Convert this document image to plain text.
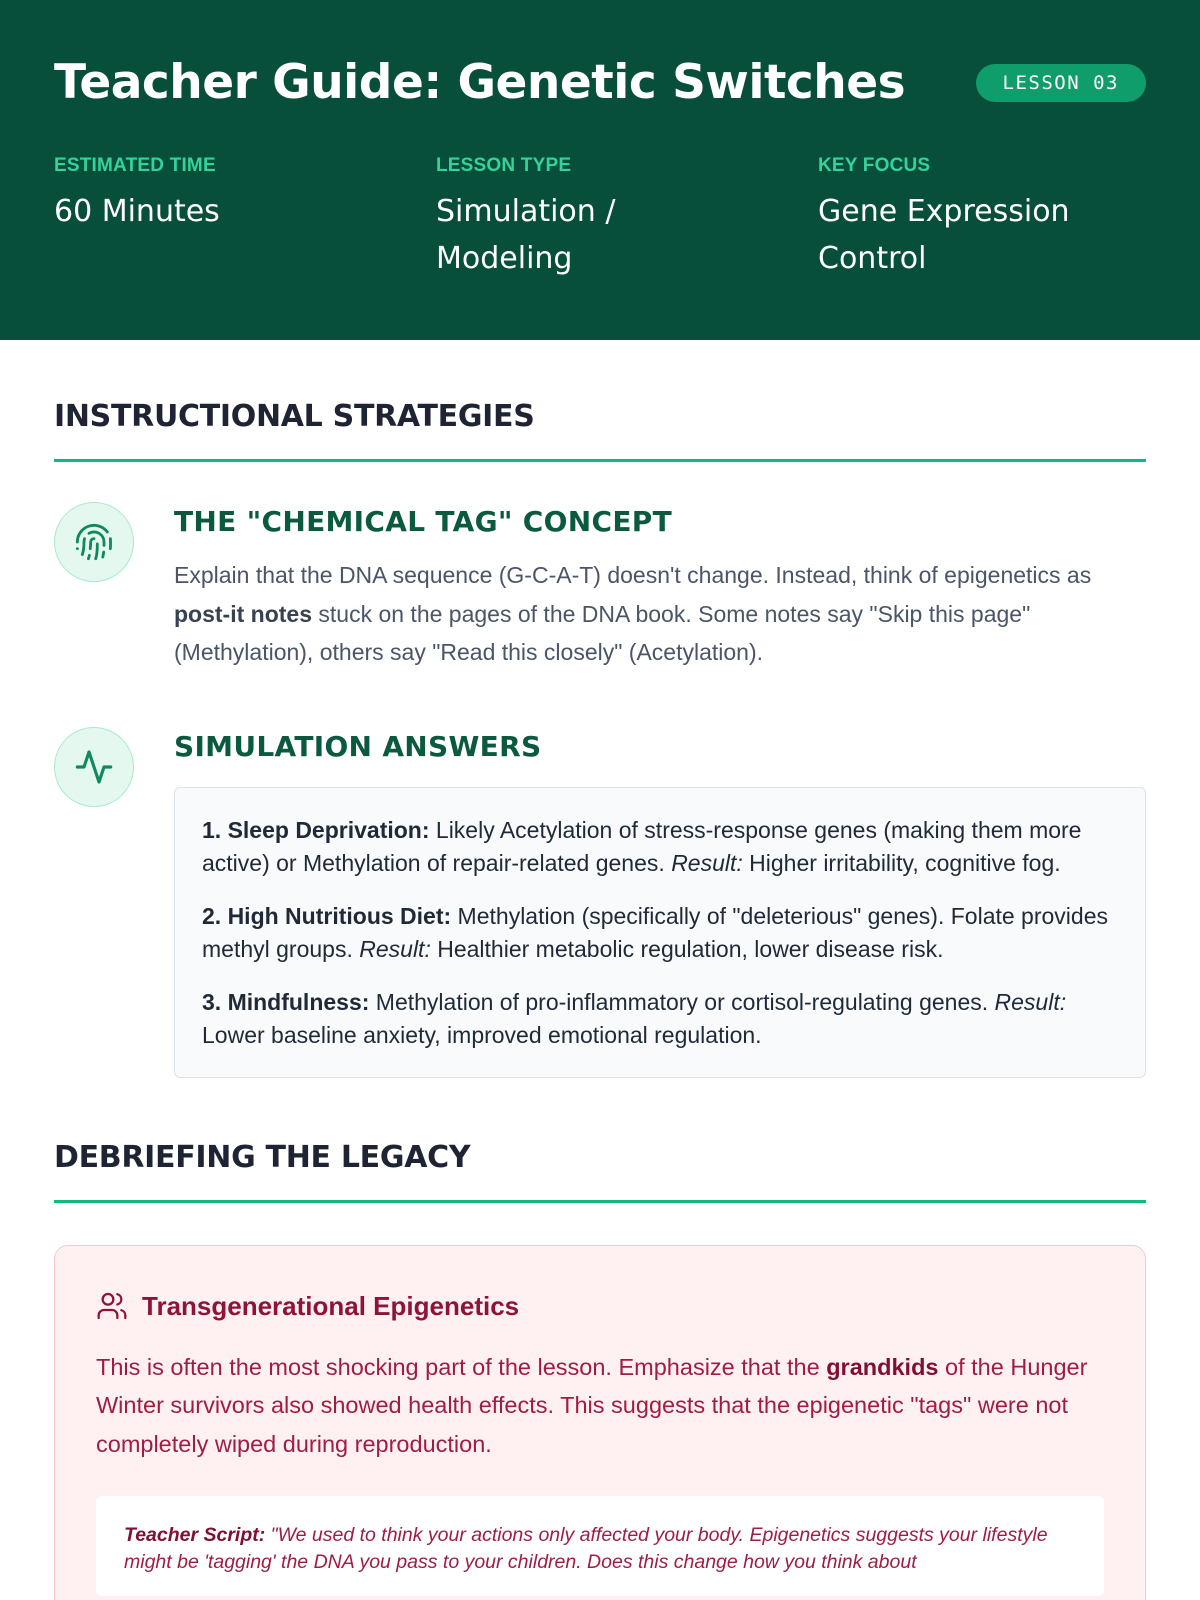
Teacher Guide: Genetic Switches	LESSON 03
ESTIMATED TIME
60 Minutes
LESSON TYPE
Simulation / Modeling
KEY FOCUS
Gene Expression Control
INSTRUCTIONAL STRATEGIES
THE "CHEMICAL TAG" CONCEPT

Explain that the DNA sequence (G-C-A-T) doesn't change. Instead, think of epigenetics as post-it notes stuck on the pages of the DNA book. Some notes say "Skip this page" (Methylation), others say "Read this closely" (Acetylation).

SIMULATION ANSWERS

1. Sleep Deprivation: Likely Acetylation of stress-response genes (making them more active) or Methylation of repair-related genes. Result: Higher irritability, cognitive fog.

2. High Nutritious Diet: Methylation (specifically of "deleterious" genes). Folate provides methyl groups. Result: Healthier metabolic regulation, lower disease risk.

3. Mindfulness: Methylation of pro-inflammatory or cortisol-regulating genes. Result: Lower baseline anxiety, improved emotional regulation.

DEBRIEFING THE LEGACY
Transgenerational Epigenetics

This is often the most shocking part of the lesson. Emphasize that the grandkids of the Hunger Winter survivors also showed health effects. This suggests that the epigenetic "tags" were not completely wiped during reproduction.

Teacher Script: "We used to think your actions only affected your body. Epigenetics suggests your lifestyle might be 'tagging' the DNA you pass to your children. Does this change how you think about
